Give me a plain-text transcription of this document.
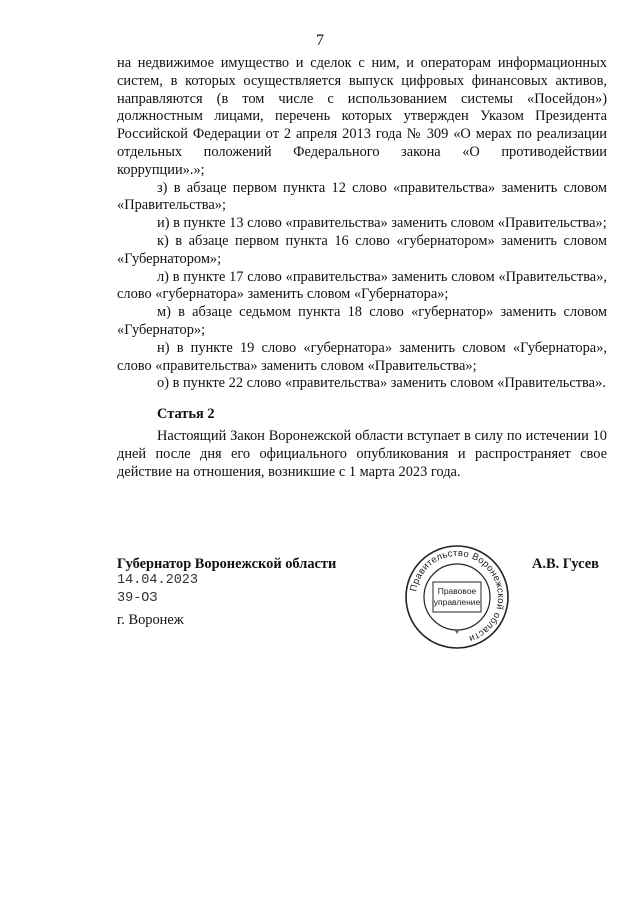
7

на недвижимое имущество и сделок с ним, и операторам информационных систем, в которых осуществляется выпуск цифровых финансовых активов, направляются (в том числе с использованием системы «Посейдон») должностным лицами, перечень которых утвержден Указом Президента Российской Федерации от 2 апреля 2013 года № 309 «О мерах по реализации отдельных положений Федерального закона «О противодействии коррупции».»;

з) в абзаце первом пункта 12 слово «правительства» заменить словом «Правительства»;

и) в пункте 13 слово «правительства» заменить словом «Правительства»;

к) в абзаце первом пункта 16 слово «губернатором» заменить словом «Губернатором»;

л) в пункте 17 слово «правительства» заменить словом «Правительства», слово «губернатора» заменить словом «Губернатора»;

м) в абзаце седьмом пункта 18 слово «губернатор» заменить словом «Губернатор»;

н) в пункте 19 слово «губернатора» заменить словом «Губернатора», слово «правительства» заменить словом «Правительства»;

о) в пункте 22 слово «правительства» заменить словом «Правительства».

Статья 2

Настоящий Закон Воронежской области вступает в силу по истечении 10 дней после дня его официального опубликования и распространяет свое действие на отношения, возникшие с 1 марта 2023 года.

Губернатор Воронежской области
14.04.2023
39-ОЗ
г. Воронеж
А.В. Гусев
Правительство Воронежской области
Правовое
управление
*
